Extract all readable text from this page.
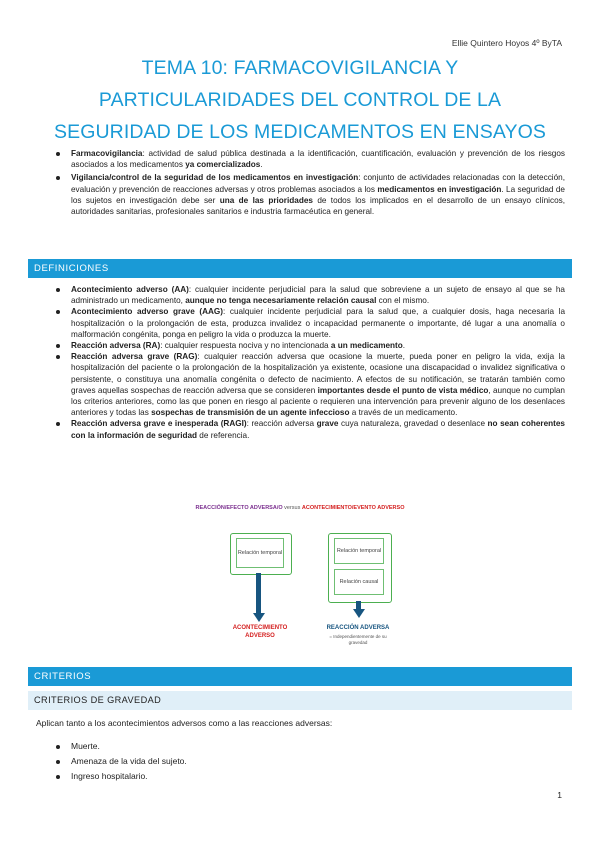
Ellie Quintero Hoyos 4º ByTA
TEMA 10: FARMACOVIGILANCIA Y
PARTICULARIDADES DEL CONTROL DE LA
SEGURIDAD DE LOS MEDICAMENTOS EN ENSAYOS
Farmacovigilancia: actividad de salud pública destinada a la identificación, cuantificación, evaluación y prevención de los riesgos asociados a los medicamentos ya comercializados.
Vigilancia/control de la seguridad de los medicamentos en investigación: conjunto de actividades relacionadas con la detección, evaluación y prevención de reacciones adversas y otros problemas asociados a los medicamentos en investigación. La seguridad de los sujetos en investigación debe ser una de las prioridades de todos los implicados en el desarrollo de un ensayo clínicos, autoridades sanitarias, profesionales sanitarios e industria farmacéutica en general.
DEFINICIONES
Acontecimiento adverso (AA): cualquier incidente perjudicial para la salud que sobreviene a un sujeto de ensayo al que se ha administrado un medicamento, aunque no tenga necesariamente relación causal con el mismo.
Acontecimiento adverso grave (AAG): cualquier incidente perjudicial para la salud que, a cualquier dosis, haga necesaria la hospitalización o la prolongación de esta, produzca invalidez o incapacidad permanente o importante, dé lugar a una anomalía o malformación congénita, ponga en peligro la vida o produzca la muerte.
Reacción adversa (RA): cualquier respuesta nociva y no intencionada a un medicamento.
Reacción adversa grave (RAG): cualquier reacción adversa que ocasione la muerte, pueda poner en peligro la vida, exija la hospitalización del paciente o la prolongación de la hospitalización ya existente, ocasione una discapacidad o invalidez significativa o persistente, o constituya una anomalía congénita o defecto de nacimiento. A efectos de su notificación, se tratarán también como graves aquellas sospechas de reacción adversa que se consideren importantes desde el punto de vista médico, aunque no cumplan los criterios anteriores, como las que ponen en riesgo al paciente o requieren una intervención para prevenir alguno de los desenlaces anteriores y todas las sospechas de transmisión de un agente infeccioso a través de un medicamento.
Reacción adversa grave e inesperada (RAGI): reacción adversa grave cuya naturaleza, gravedad o desenlace no sean coherentes con la información de seguridad de referencia.
REACCIÓN/EFECTO ADVERSA/O versus ACONTECIMIENTO/EVENTO ADVERSO
Relación temporal	Relación temporal
Relación causal
ACONTECIMIENTO ADVERSO
REACCIÓN ADVERSA
= Independientemente de su gravedad
CRITERIOS
CRITERIOS DE GRAVEDAD
Aplican tanto a los acontecimientos adversos como a las reacciones adversas:
Muerte.
Amenaza de la vida del sujeto.
Ingreso hospitalario.
1
